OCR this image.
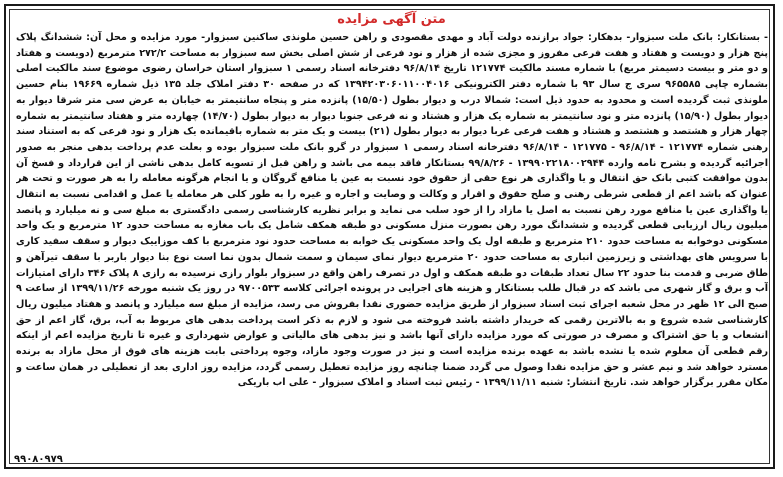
متن آگهی مزایده

- بستانکار: بانک ملت سبزوار- بدهکار: جواد برازنده دولت آباد و مهدی مقصودی و راهن حسین ملونذی ساکنین سبزوار- مورد مزایده و محل آن: ششدانگ پلاک پنج هزار و دویست و هفتاد و هفت فرعی مفروز و مجزی شده از هزار و نود فرعی از شش اصلی بخش سه سبزوار به مساحت ۲۷۲/۲ مترمربع (دویست و هفتاد و دو متر و بیست دسیمتر مربع) با شماره مسند مالکیت ۱۲۱۷۷۴ تاریخ ۹۶/۸/۱۴ دفترخانه اسناد رسمی ۱ سبزوار استان خراسان رضوی موضوع سند مالکیت اصلی بشماره چاپی ۹۶۵۵۸۵ سری ج سال ۹۳ با شماره دفتر الکترونیکی ۱۳۹۴۲۰۳۰۶۰۱۱۰۰۴۰۱۶ که در صفحه ۳۰ دفتر املاک جلد ۱۳۵ ذیل شماره ۱۹۶۶۹ بنام حسین ملونذی ثبت گردیده است و محدود به حدود ذیل است: شمالا درب و دیوار بطول (۱۵/۵۰) پانزده متر و پنجاه سانتیمتر به خیابان به عرض سی متر شرقا دیوار به دیوار بطول (۱۵/۹۰) پانزده متر و نود سانتیمتر به شماره یک هزار و هشتاد و نه فرعی جنوبا دیوار به دیوار بطول (۱۴/۷۰) چهارده متر و هفتاد سانتیمتر به شماره چهار هزار و هشتصد و هشتصد و هشتاد و هفت فرعی غربا دیوار به دیوار بطول (۲۱) بیست و یک متر به شماره باقیمانده یک هزار و نود فرعی که به استناد سند رهنی شماره ۱۲۱۷۷۴ - ۹۶/۸/۱۴ - ۱۲۱۷۷۵ - ۹۶/۸/۱۴ دفترخانه اسناد رسمی ۱ سبزوار در گرو بانک ملت سبزوار بوده و بعلت عدم پرداخت بدهی منجر به صدور اجرائیه گردیده و بشرح نامه وارده ۱۳۹۹۰۲۲۱۸۰۰۲۹۴۴ - ۹۹/۸/۲۶ بستانکار فاقد بیمه می باشد و راهن قبل از تسویه کامل بدهی ناشی از این قرارداد و فسخ آن بدون موافقت کتبی بانک حق انتقال و یا واگذاری هر نوع حقی از حقوق خود نسبت به عین یا منافع گروگان و یا انجام هرگونه معامله را به هر صورت و تحت هر عنوان که باشد اعم از قطعی شرطی رهنی و صلح حقوق و اقرار و وکالت و وصایت و اجاره و غیره را به طور کلی هر معامله یا عمل و اقدامی نسبت به انتقال یا واگذاری عین یا منافع مورد رهن نسبت به اصل یا مازاد را از خود سلب می نماید و برابر نظریه کارشناسی رسمی دادگستری به مبلغ سی و نه میلیارد و پانصد میلیون ریال ارزیابی قطعی گردیده و ششدانگ مورد رهن بصورت منزل مسکونی دو طبقه همکف شامل یک باب مغازه به مساحت حدود ۱۲ مترمربع و یک واحد مسکونی دوخوابه به مساحت حدود ۲۱۰ مترمربع و طبقه اول یک واحد مسکونی یک خوابه به مساحت حدود نود مترمربع با کف موزاییک دیوار و سقف سفید کاری با سرویس های بهداشتی و زیرزمین انباری به مساحت حدود ۲۰ مترمربع دیوار نمای سیمان و سمت شمال بدون نما است نوع بنا دیوار باربر با سقف تیرآهن و طاق ضربی و قدمت بنا حدود ۲۲ سال تعداد طبقات دو طبقه همکف و اول در تصرف راهن واقع در سبزوار بلوار رازی نرسیده به رازی ۸ پلاک ۳۴۶ دارای امتیازات آب و برق و گاز شهری می باشد که در قبال طلب بستانکار و هزینه های اجرایی در پرونده اجرائی کلاسه ۹۷۰۰۵۳۳ در روز یک شنبه مورخه ۱۳۹۹/۱۱/۲۶ از ساعت ۹ صبح الی ۱۲ ظهر در محل شعبه اجرای ثبت اسناد سبزوار از طریق مزایده حضوری نقدا بفروش می رسد، مزایده از مبلغ سه میلیارد و پانصد و هفتاد میلیون ریال کارشناسی شده شروع و به بالاترین رقمی که خریدار داشته باشد فروخته می شود و لازم به ذکر است پرداخت بدهی های مربوط به آب، برق، گاز اعم از حق انشعاب و یا حق اشتراک و مصرف در صورتی که مورد مزایده دارای آنها باشد و نیز بدهی های مالیاتی و عوارض شهرداری و غیره تا تاریخ مزایده اعم از اینکه رقم قطعی آن معلوم شده یا نشده باشد به عهده برنده مزایده است و نیز در صورت وجود مازاد، وجوه پرداختی بابت هزینه های فوق از محل مازاد به برنده مسترد خواهد شد و نیم عشر و حق مزایده نقدا وصول می گردد ضمنا چنانچه روز مزایده تعطیل رسمی گردد، مزایده روز اداری بعد از تعطیلی در همان ساعت و مکان مقرر برگزار خواهد شد. تاریخ انتشار: شنبه ۱۳۹۹/۱۱/۱۱ - رئیس ثبت اسناد و املاک سبزوار - علی اب باریکی

۹۹۰۸۰۹۷۹
